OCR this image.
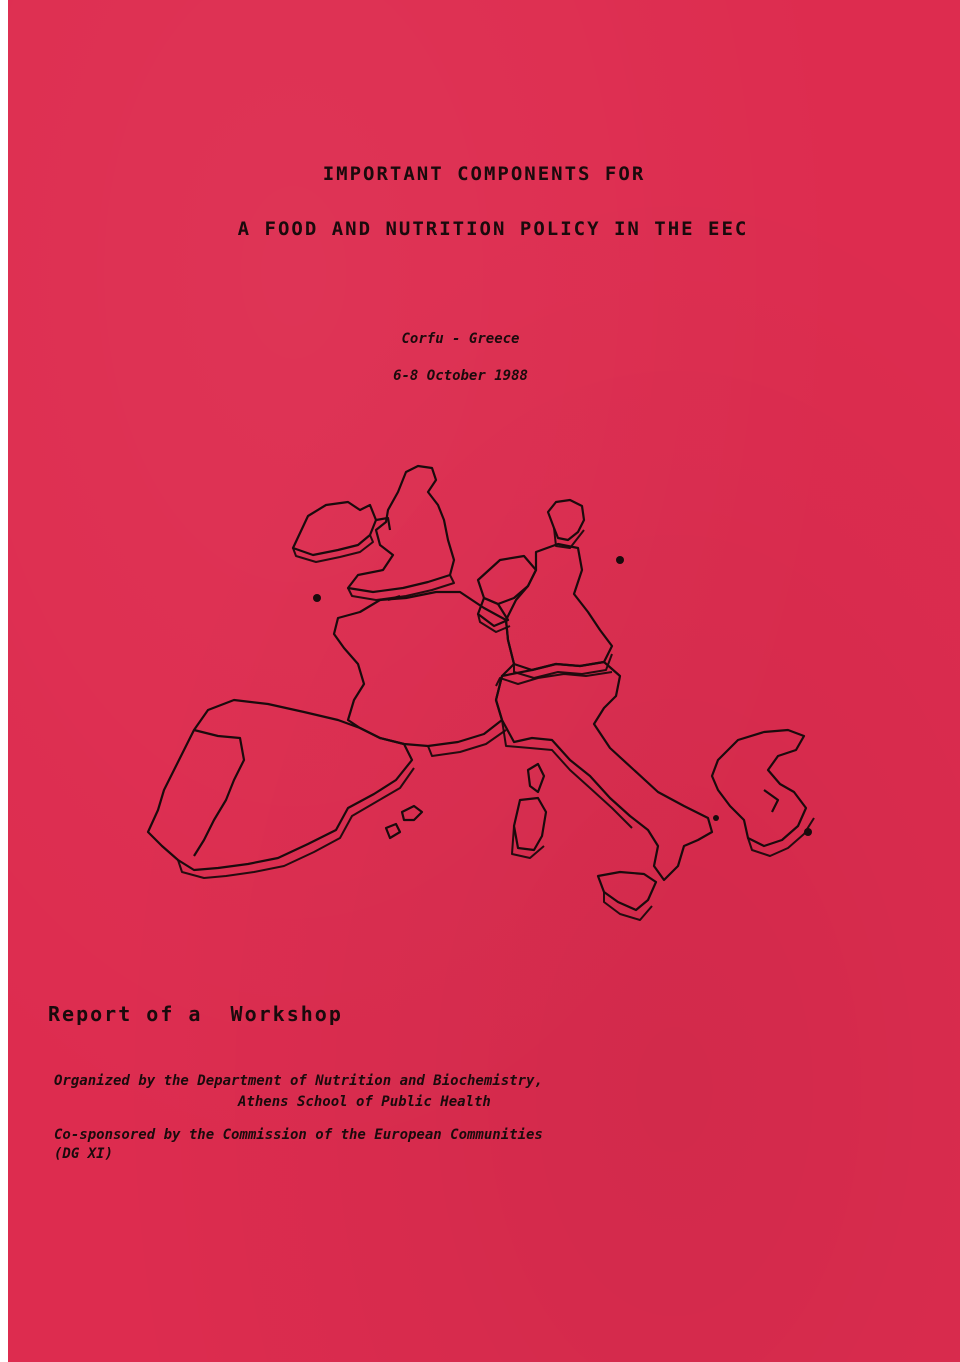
IMPORTANT COMPONENTS FOR

A FOOD AND NUTRITION POLICY IN THE EEC

Corfu - Greece

6-8 October 1988

Report of a  Workshop

Organized by the Department of Nutrition and Biochemistry,

Athens School of Public Health

Co-sponsored by the Commission of the European Communities

(DG XI)
